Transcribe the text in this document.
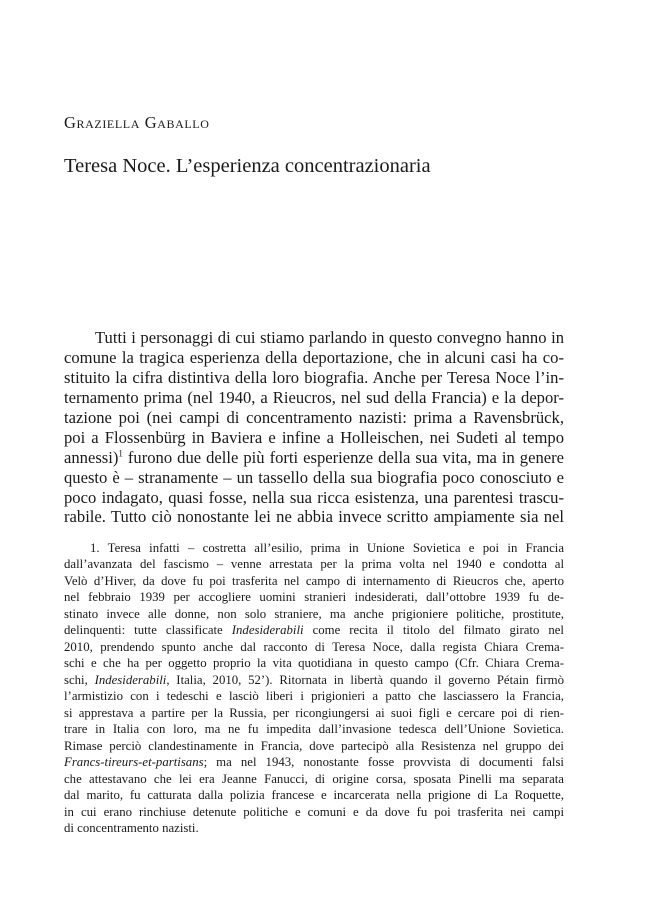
Graziella Gaballo
Teresa Noce. L’esperienza concentrazionaria
Tutti i personaggi di cui stiamo parlando in questo convegno hanno in
comune la tragica esperienza della deportazione, che in alcuni casi ha co-
stituito la cifra distintiva della loro biografia. Anche per Teresa Noce l’in-
ternamento prima (nel 1940, a Rieucros, nel sud della Francia) e la depor-
tazione poi (nei campi di concentramento nazisti: prima a Ravensbrück,
poi a Flossenbürg in Baviera e infine a Holleischen, nei Sudeti al tempo
annessi)$^1$ furono due delle più forti esperienze della sua vita, ma in genere
questo è – stranamente – un tassello della sua biografia poco conosciuto e
poco indagato, quasi fosse, nella sua ricca esistenza, una parentesi trascu-
rabile. Tutto ciò nonostante lei ne abbia invece scritto ampiamente sia nel
1. Teresa infatti – costretta all’esilio, prima in Unione Sovietica e poi in Francia
dall’avanzata del fascismo – venne arrestata per la prima volta nel 1940 e condotta al
Velò d’Hiver, da dove fu poi trasferita nel campo di internamento di Rieucros che, aperto
nel febbraio 1939 per accogliere uomini stranieri indesiderati, dall’ottobre 1939 fu de-
stinato invece alle donne, non solo straniere, ma anche prigioniere politiche, prostitute,
delinquenti: tutte classificate Indesiderabili come recita il titolo del filmato girato nel
2010, prendendo spunto anche dal racconto di Teresa Noce, dalla regista Chiara Crema-
schi e che ha per oggetto proprio la vita quotidiana in questo campo (Cfr. Chiara Crema-
schi, Indesiderabili, Italia, 2010, 52’). Ritornata in libertà quando il governo Pétain firmò
l’armistizio con i tedeschi e lasciò liberi i prigionieri a patto che lasciassero la Francia,
si apprestava a partire per la Russia, per ricongiungersi ai suoi figli e cercare poi di rien-
trare in Italia con loro, ma ne fu impedita dall’invasione tedesca dell’Unione Sovietica.
Rimase perciò clandestinamente in Francia, dove partecipò alla Resistenza nel gruppo dei
Francs-tireurs-et-partisans; ma nel 1943, nonostante fosse provvista di documenti falsi
che attestavano che lei era Jeanne Fanucci, di origine corsa, sposata Pinelli ma separata
dal marito, fu catturata dalla polizia francese e incarcerata nella prigione di La Roquette,
in cui erano rinchiuse detenute politiche e comuni e da dove fu poi trasferita nei campi
di concentramento nazisti.
